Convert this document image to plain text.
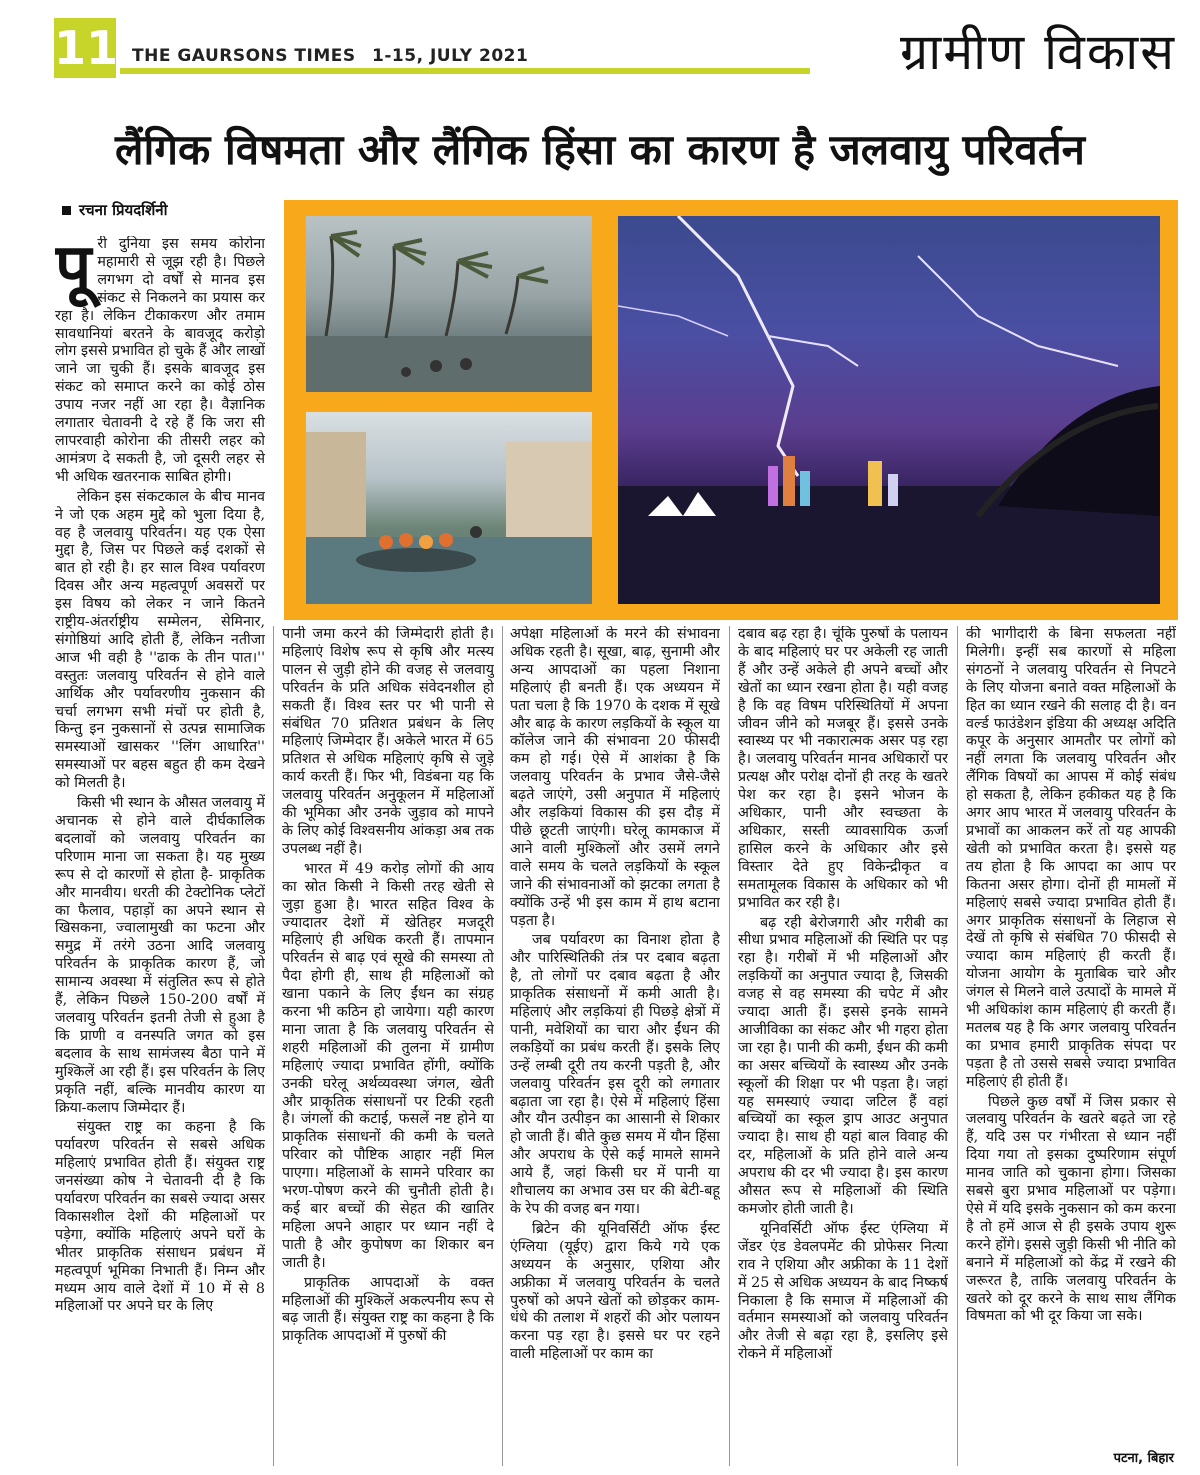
11 THE GAURSONS TIMES 1-15, JULY 2021	ग्रामीण विकास
लैंगिक विषमता और लैंगिक हिंसा का कारण है जलवायु परिवर्तन
रचना प्रियदर्शिनी

पूरी दुनिया इस समय कोरोना महामारी से जूझ रही है। पिछले लगभग दो वर्षों से मानव इस संकट से निकलने का प्रयास कर रहा है। लेकिन टीकाकरण और तमाम सावधानियां बरतने के बावजूद करोड़ो लोग इससे प्रभावित हो चुके हैं और लाखों जाने जा चुकी हैं। इसके बावजूद इस संकट को समाप्त करने का कोई ठोस उपाय नजर नहीं आ रहा है। वैज्ञानिक लगातार चेतावनी दे रहे हैं कि जरा सी लापरवाही कोरोना की तीसरी लहर को आमंत्रण दे सकती है, जो दूसरी लहर से भी अधिक खतरनाक साबित होगी।

लेकिन इस संकटकाल के बीच मानव ने जो एक अहम मुद्दे को भुला दिया है, वह है जलवायु परिवर्तन। यह एक ऐसा मुद्दा है, जिस पर पिछले कई दशकों से बात हो रही है। हर साल विश्व पर्यावरण दिवस और अन्य महत्वपूर्ण अवसरों पर इस विषय को लेकर न जाने कितने राष्ट्रीय-अंतर्राष्ट्रीय सम्मेलन, सेमिनार, संगोष्ठियां आदि होती हैं, लेकिन नतीजा आज भी वही है ''ढाक के तीन पात।'' वस्तुतः जलवायु परिवर्तन से होने वाले आर्थिक और पर्यावरणीय नुकसान की चर्चा लगभग सभी मंचों पर होती है, किन्तु इन नुकसानों से उत्पन्न सामाजिक समस्याओं खासकर ''लिंग आधारित'' समस्याओं पर बहस बहुत ही कम देखने को मिलती है।

किसी भी स्थान के औसत जलवायु में अचानक से होने वाले दीर्घकालिक बदलावों को जलवायु परिवर्तन का परिणाम माना जा सकता है। यह मुख्य रूप से दो कारणों से होता है- प्राकृतिक और मानवीय। धरती की टेक्टोनिक प्लेटों का फैलाव, पहाड़ों का अपने स्थान से खिसकना, ज्वालामुखी का फटना और समुद्र में तरंगे उठना आदि जलवायु परिवर्तन के प्राकृतिक कारण हैं, जो सामान्य अवस्था में संतुलित रूप से होते हैं, लेकिन पिछले 150-200 वर्षों में जलवायु परिवर्तन इतनी तेजी से हुआ है कि प्राणी व वनस्पति जगत को इस बदलाव के साथ सामंजस्य बैठा पाने में मुश्किलें आ रही हैं। इस परिवर्तन के लिए प्रकृति नहीं, बल्कि मानवीय कारण या क्रिया-कलाप जिम्मेदार हैं।

संयुक्त राष्ट्र का कहना है कि पर्यावरण परिवर्तन से सबसे अधिक महिलाएं प्रभावित होती हैं। संयुक्त राष्ट्र जनसंख्या कोष ने चेतावनी दी है कि पर्यावरण परिवर्तन का सबसे ज्यादा असर विकासशील देशों की महिलाओं पर पड़ेगा, क्योंकि महिलाएं अपने घरों के भीतर प्राकृतिक संसाधन प्रबंधन में महत्वपूर्ण भूमिका निभाती हैं। निम्न और मध्यम आय वाले देशों में 10 में से 8 महिलाओं पर अपने घर के लिए

पानी जमा करने की जिम्मेदारी होती है। महिलाएं विशेष रूप से कृषि और मत्स्य पालन से जुड़ी होने की वजह से जलवायु परिवर्तन के प्रति अधिक संवेदनशील हो सकती हैं। विश्व स्तर पर भी पानी से संबंधित 70 प्रतिशत प्रबंधन के लिए महिलाएं जिम्मेदार हैं। अकेले भारत में 65 प्रतिशत से अधिक महिलाएं कृषि से जुड़े कार्य करती हैं। फिर भी, विडंबना यह कि जलवायु परिवर्तन अनुकूलन में महिलाओं की भूमिका और उनके जुड़ाव को मापने के लिए कोई विश्वसनीय आंकड़ा अब तक उपलब्ध नहीं है।

भारत में 49 करोड़ लोगों की आय का स्रोत किसी ने किसी तरह खेती से जुड़ा हुआ है। भारत सहित विश्व के ज्यादातर देशों में खेतिहर मजदूरी महिलाएं ही अधिक करती हैं। तापमान परिवर्तन से बाढ़ एवं सूखे की समस्या तो पैदा होगी ही, साथ ही महिलाओं को खाना पकाने के लिए ईंधन का संग्रह करना भी कठिन हो जायेगा। यही कारण माना जाता है कि जलवायु परिवर्तन से शहरी महिलाओं की तुलना में ग्रामीण महिलाएं ज्यादा प्रभावित होंगी, क्योंकि उनकी घरेलू अर्थव्यवस्था जंगल, खेती और प्राकृतिक संसाधनों पर टिकी रहती है। जंगलों की कटाई, फसलें नष्ट होने या प्राकृतिक संसाधनों की कमी के चलते परिवार को पौष्टिक आहार नहीं मिल पाएगा। महिलाओं के सामने परिवार का भरण-पोषण करने की चुनौती होती है। कई बार बच्चों की सेहत की खातिर महिला अपने आहार पर ध्यान नहीं दे पाती है और कुपोषण का शिकार बन जाती है।

प्राकृतिक आपदाओं के वक्त महिलाओं की मुश्किलें अकल्पनीय रूप से बढ़ जाती हैं। संयुक्त राष्ट्र का कहना है कि प्राकृतिक आपदाओं में पुरुषों की

अपेक्षा महिलाओं के मरने की संभावना अधिक रहती है। सूखा, बाढ़, सुनामी और अन्य आपदाओं का पहला निशाना महिलाएं ही बनती हैं। एक अध्ययन में पता चला है कि 1970 के दशक में सूखे और बाढ़ के कारण लड़कियों के स्कूल या कॉलेज जाने की संभावना 20 फीसदी कम हो गई। ऐसे में आशंका है कि जलवायु परिवर्तन के प्रभाव जैसे-जैसे बढ़ते जाएंगे, उसी अनुपात में महिलाएं और लड़कियां विकास की इस दौड़ में पीछे छूटती जाएंगी। घरेलू कामकाज में आने वाली मुश्किलों और उसमें लगने वाले समय के चलते लड़कियों के स्कूल जाने की संभावनाओं को झटका लगता है क्योंकि उन्हें भी इस काम में हाथ बटाना पड़ता है।

जब पर्यावरण का विनाश होता है और पारिस्थितिकी तंत्र पर दबाव बढ़ता है, तो लोगों पर दबाव बढ़ता है और प्राकृतिक संसाधनों में कमी आती है। महिलाएं और लड़कियां ही पिछड़े क्षेत्रों में पानी, मवेशियों का चारा और ईंधन की लकड़ियों का प्रबंध करती हैं। इसके लिए उन्हें लम्बी दूरी तय करनी पड़ती है, और जलवायु परिवर्तन इस दूरी को लगातार बढ़ाता जा रहा है। ऐसे में महिलाएं हिंसा और यौन उत्पीड़न का आसानी से शिकार हो जाती हैं। बीते कुछ समय में यौन हिंसा और अपराध के ऐसे कई मामले सामने आये हैं, जहां किसी घर में पानी या शौचालय का अभाव उस घर की बेटी-बहू के रेप की वजह बन गया।

ब्रिटेन की यूनिवर्सिटी ऑफ ईस्ट एंग्लिया (यूईए) द्वारा किये गये एक अध्ययन के अनुसार, एशिया और अफ्रीका में जलवायु परिवर्तन के चलते पुरुषों को अपने खेतों को छोड़कर काम-धंधे की तलाश में शहरों की ओर पलायन करना पड़ रहा है। इससे घर पर रहने वाली महिलाओं पर काम का

दबाव बढ़ रहा है। चूंकि पुरुषों के पलायन के बाद महिलाएं घर पर अकेली रह जाती हैं और उन्हें अकेले ही अपने बच्चों और खेतों का ध्यान रखना होता है। यही वजह है कि वह विषम परिस्थितियों में अपना जीवन जीने को मजबूर हैं। इससे उनके स्वास्थ्य पर भी नकारात्मक असर पड़ रहा है। जलवायु परिवर्तन मानव अधिकारों पर प्रत्यक्ष और परोक्ष दोनों ही तरह के खतरे पेश कर रहा है। इसने भोजन के अधिकार, पानी और स्वच्छता के अधिकार, सस्ती व्यावसायिक ऊर्जा हासिल करने के अधिकार और इसे विस्तार देते हुए विकेन्द्रीकृत व समतामूलक विकास के अधिकार को भी प्रभावित कर रही है।

बढ़ रही बेरोजगारी और गरीबी का सीधा प्रभाव महिलाओं की स्थिति पर पड़ रहा है। गरीबों में भी महिलाओं और लड़कियों का अनुपात ज्यादा है, जिसकी वजह से वह समस्या की चपेट में और ज्यादा आती हैं। इससे इनके सामने आजीविका का संकट और भी गहरा होता जा रहा है। पानी की कमी, ईंधन की कमी का असर बच्चियों के स्वास्थ्य और उनके स्कूलों की शिक्षा पर भी पड़ता है। जहां यह समस्याएं ज्यादा जटिल हैं वहां बच्चियों का स्कूल ड्राप आउट अनुपात ज्यादा है। साथ ही यहां बाल विवाह की दर, महिलाओं के प्रति होने वाले अन्य अपराध की दर भी ज्यादा है। इस कारण औसत रूप से महिलाओं की स्थिति कमजोर होती जाती है।

यूनिवर्सिटी ऑफ ईस्ट एंग्लिया में जेंडर एंड डेवलपमेंट की प्रोफेसर नित्या राव ने एशिया और अफ्रीका के 11 देशों में 25 से अधिक अध्ययन के बाद निष्कर्ष निकाला है कि समाज में महिलाओं की वर्तमान समस्याओं को जलवायु परिवर्तन और तेजी से बढ़ा रहा है, इसलिए इसे रोकने में महिलाओं

की भागीदारी के बिना सफलता नहीं मिलेगी। इन्हीं सब कारणों से महिला संगठनों ने जलवायु परिवर्तन से निपटने के लिए योजना बनाते वक्त महिलाओं के हित का ध्यान रखने की सलाह दी है। वन वर्ल्ड फाउंडेशन इंडिया की अध्यक्ष अदिति कपूर के अनुसार आमतौर पर लोगों को नहीं लगता कि जलवायु परिवर्तन और लैंगिक विषयों का आपस में कोई संबंध हो सकता है, लेकिन हकीकत यह है कि अगर आप भारत में जलवायु परिवर्तन के प्रभावों का आकलन करें तो यह आपकी खेती को प्रभावित करता है। इससे यह तय होता है कि आपदा का आप पर कितना असर होगा। दोनों ही मामलों में महिलाएं सबसे ज्यादा प्रभावित होती हैं। अगर प्राकृतिक संसाधनों के लिहाज से देखें तो कृषि से संबंधित 70 फीसदी से ज्यादा काम महिलाएं ही करती हैं। योजना आयोग के मुताबिक चारे और जंगल से मिलने वाले उत्पादों के मामले में भी अधिकांश काम महिलाएं ही करती हैं। मतलब यह है कि अगर जलवायु परिवर्तन का प्रभाव हमारी प्राकृतिक संपदा पर पड़ता है तो उससे सबसे ज्यादा प्रभावित महिलाएं ही होती हैं।

पिछले कुछ वर्षों में जिस प्रकार से जलवायु परिवर्तन के खतरे बढ़ते जा रहे हैं, यदि उस पर गंभीरता से ध्यान नहीं दिया गया तो इसका दुष्परिणाम संपूर्ण मानव जाति को चुकाना होगा। जिसका सबसे बुरा प्रभाव महिलाओं पर पड़ेगा। ऐसे में यदि इसके नुकसान को कम करना है तो हमें आज से ही इसके उपाय शुरू करने होंगे। इससे जुड़ी किसी भी नीति को बनाने में महिलाओं को केंद्र में रखने की जरूरत है, ताकि जलवायु परिवर्तन के खतरे को दूर करने के साथ साथ लैंगिक विषमता को भी दूर किया जा सके।

पटना, बिहार
